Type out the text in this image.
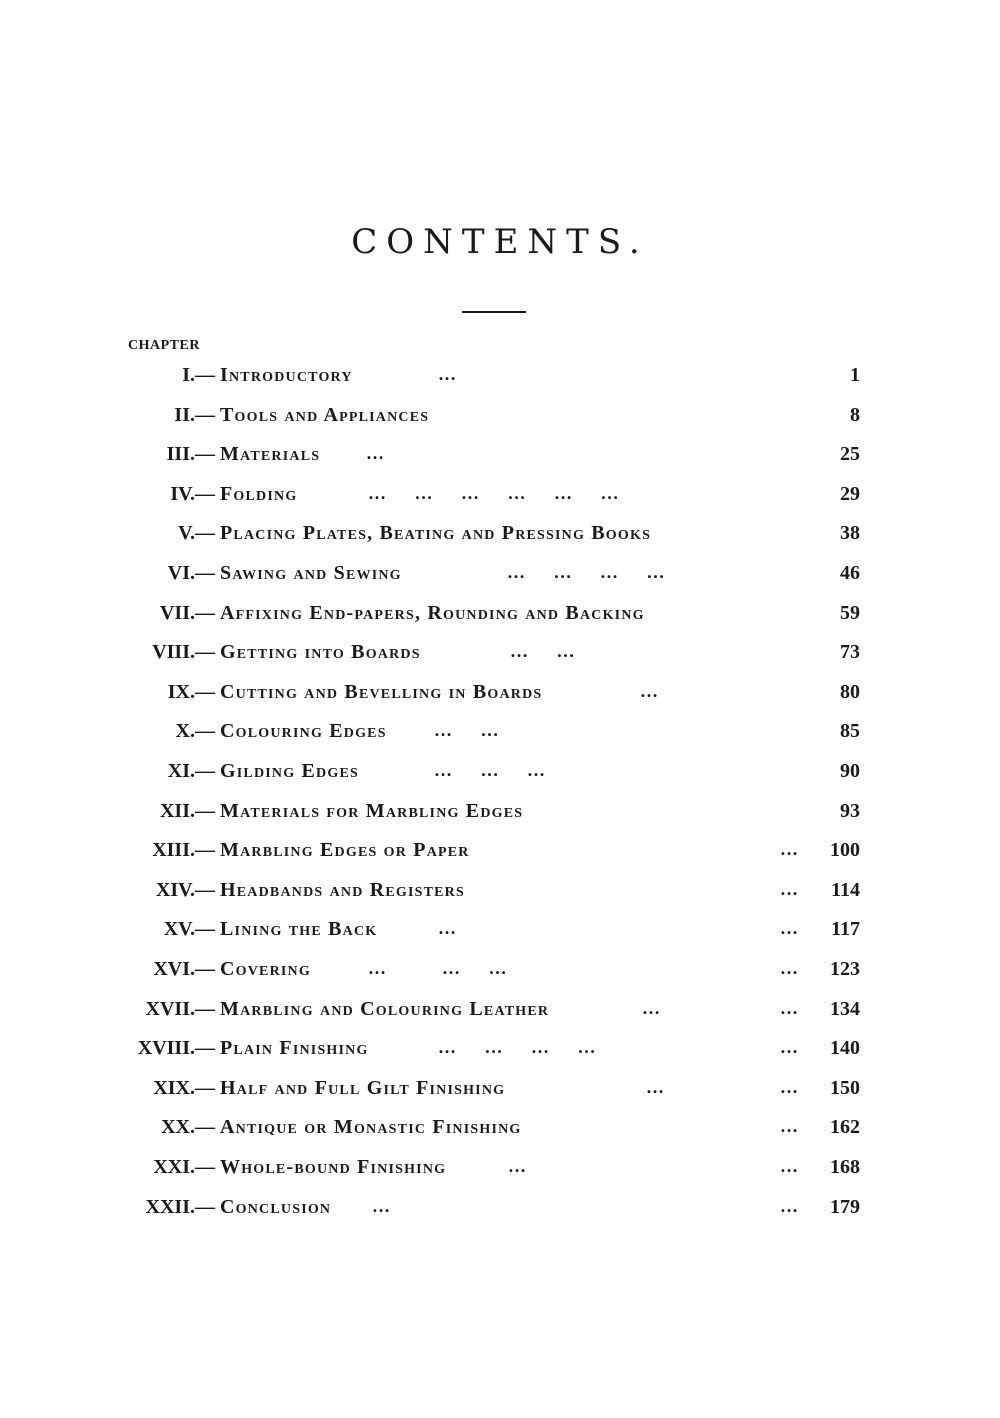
CONTENTS.
CHAPTER
I.— Introductory	…	1
II.— Tools and Appliances	8
III.— Materials	…	25
IV.— Folding	…     …     …     …     …     …	29
V.— Placing Plates, Beating and Pressing Books	38
VI.— Sawing and Sewing	…     …     …     …	46
VII.— Affixing End-papers, Rounding and Backing	59
VIII.— Getting into Boards	…     …	73
IX.— Cutting and Bevelling in Boards	…	80
X.— Colouring Edges	…     …	85
XI.— Gilding Edges	…     …     …	90
XII.— Materials for Marbling Edges	93
XIII.— Marbling Edges or Paper	… 100
XIV.— Headbands and Registers	… 114
XV.— Lining the Back	…	… 117
XVI.— Covering	…          …     …	… 123
XVII.— Marbling and Colouring Leather	…	… 134
XVIII.— Plain Finishing	…     …     …     …	… 140
XIX.— Half and Full Gilt Finishing	…	… 150
XX.— Antique or Monastic Finishing	… 162
XXI.— Whole-bound Finishing	…	… 168
XXII.— Conclusion …	… 179
